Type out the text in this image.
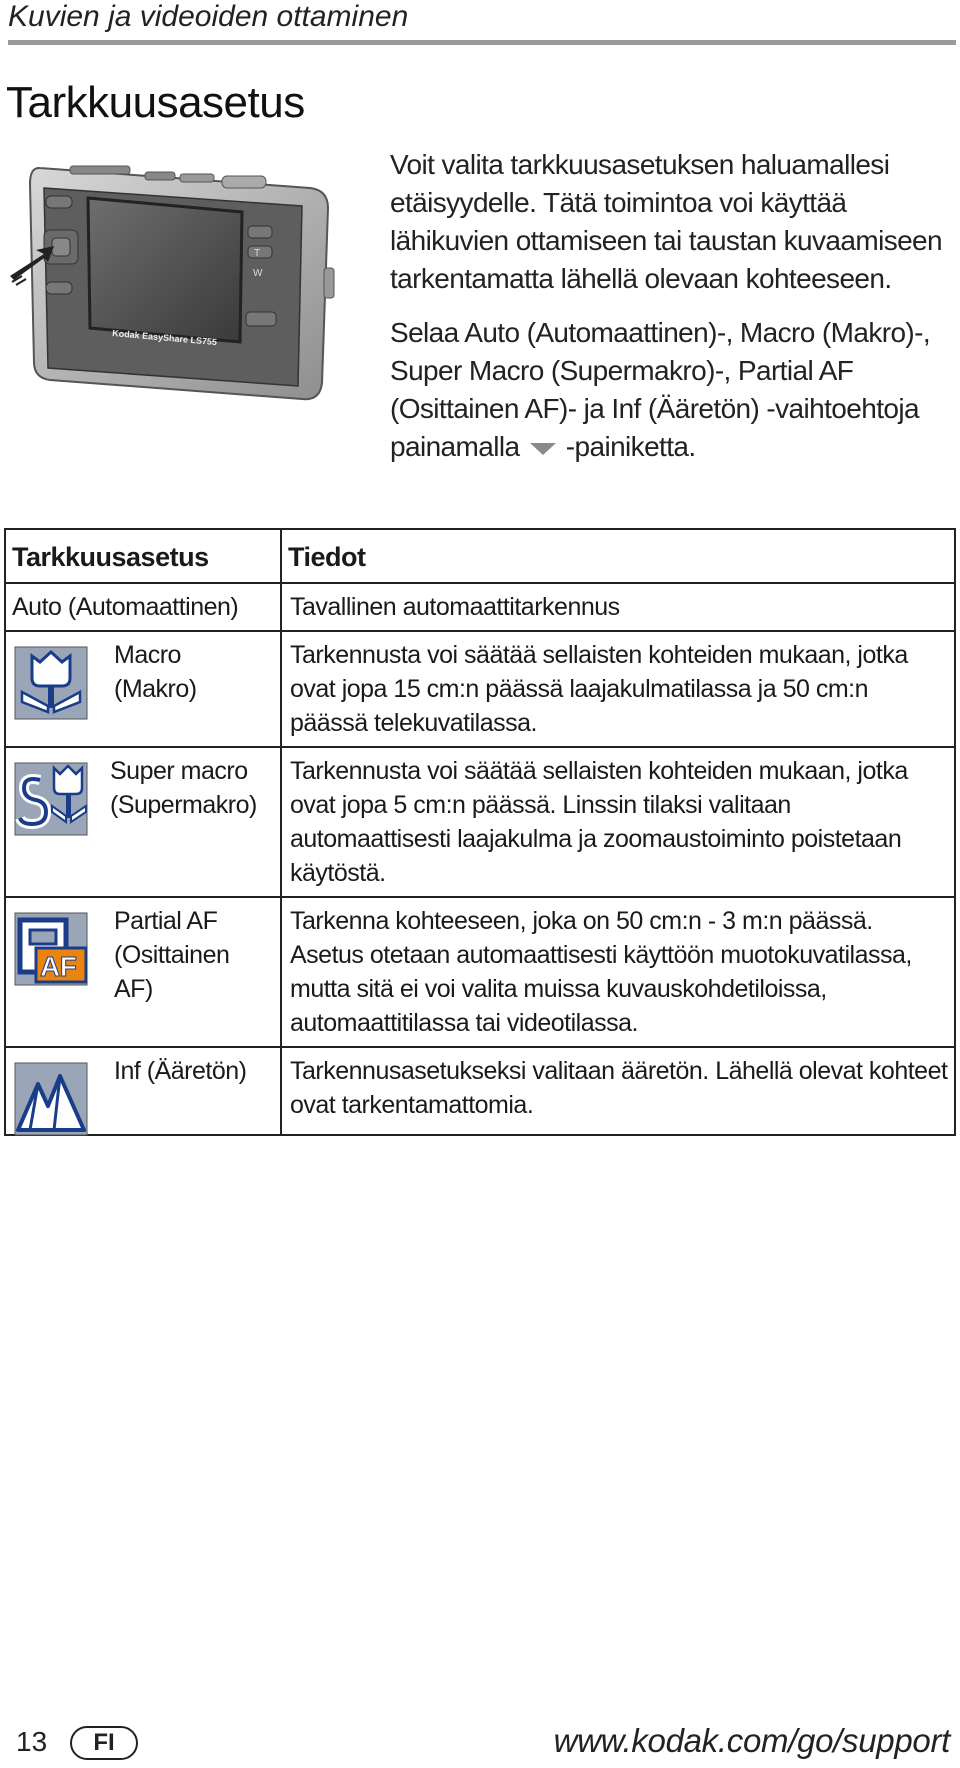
Kuvien ja videoiden ottaminen
Tarkkuusasetus
T
W
Kodak EasyShare LS755

Voit valita tarkkuusasetuksen haluamallesi etäisyydelle. Tätä toimintoa voi käyttää lähikuvien ottamiseen tai taustan kuvaamiseen tarkentamatta lähellä olevaan kohteeseen.

Selaa Auto (Automaattinen)-, Macro (Makro)-, Super Macro (Supermakro)-, Partial AF (Osittainen AF)- ja Inf (Ääretön) -vaihtoehtoja painamalla -painiketta.

Tarkkuusasetus	Tiedot
Auto (Automaattinen)	Tavallinen automaattitarkennus

Macro (Makro)	Tarkennusta voi säätää sellaisten kohteiden mukaan, jotka ovat jopa 15 cm:n päässä laajakulmatilassa ja 50 cm:n päässä telekuvatilassa.

Super macro (Supermakro)	Tarkennusta voi säätää sellaisten kohteiden mukaan, jotka ovat jopa 5 cm:n päässä. Linssin tilaksi valitaan automaattisesti laajakulma ja zoomaustoiminto poistetaan käytöstä.

AF
Partial AF (Osittainen AF)	Tarkenna kohteeseen, joka on 50 cm:n - 3 m:n päässä. Asetus otetaan automaattisesti käyttöön muotokuvatilassa, mutta sitä ei voi valita muissa kuvauskohdetiloissa, automaattitilassa tai videotilassa.

Inf (Ääretön)	Tarkennusasetukseksi valitaan ääretön. Lähellä olevat kohteet ovat tarkentamattomia.
13	FI	www.kodak.com/go/support
